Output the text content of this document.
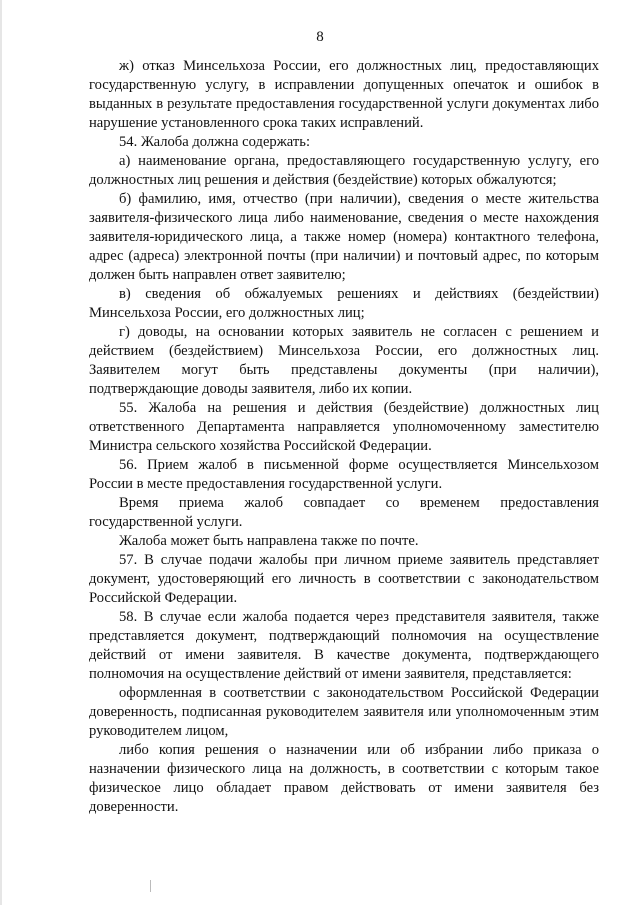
8

ж) отказ Минсельхоза России, его должностных лиц, предоставляющих государственную услугу, в исправлении допущенных опечаток и ошибок в выданных в результате предоставления государственной услуги документах либо нарушение установленного срока таких исправлений.

54. Жалоба должна содержать:

а) наименование органа, предоставляющего государственную услугу, его должностных лиц решения и действия (бездействие) которых обжалуются;

б) фамилию, имя, отчество (при наличии), сведения о месте жительства заявителя-физического лица либо наименование, сведения о месте нахождения заявителя-юридического лица, а также номер (номера) контактного телефона, адрес (адреса) электронной почты (при наличии) и почтовый адрес, по которым должен быть направлен ответ заявителю;

в) сведения об обжалуемых решениях и действиях (бездействии) Минсельхоза России, его должностных лиц;

г) доводы, на основании которых заявитель не согласен с решением и действием (бездействием) Минсельхоза России, его должностных лиц. Заявителем могут быть представлены документы (при наличии), подтверждающие доводы заявителя, либо их копии.

55. Жалоба на решения и действия (бездействие) должностных лиц ответственного Департамента направляется уполномоченному заместителю Министра сельского хозяйства Российской Федерации.

56. Прием жалоб в письменной форме осуществляется Минсельхозом России в месте предоставления государственной услуги.

Время приема жалоб совпадает со временем предоставления государственной услуги.

Жалоба может быть направлена также по почте.

57. В случае подачи жалобы при личном приеме заявитель представляет документ, удостоверяющий его личность в соответствии с законодательством Российской Федерации.

58. В случае если жалоба подается через представителя заявителя, также представляется документ, подтверждающий полномочия на осуществление действий от имени заявителя. В качестве документа, подтверждающего полномочия на осуществление действий от имени заявителя, представляется:

оформленная в соответствии с законодательством Российской Федерации доверенность, подписанная руководителем заявителя или уполномоченным этим руководителем лицом,

либо копия решения о назначении или об избрании либо приказа о назначении физического лица на должность, в соответствии с которым такое физическое лицо обладает правом действовать от имени заявителя без доверенности.
